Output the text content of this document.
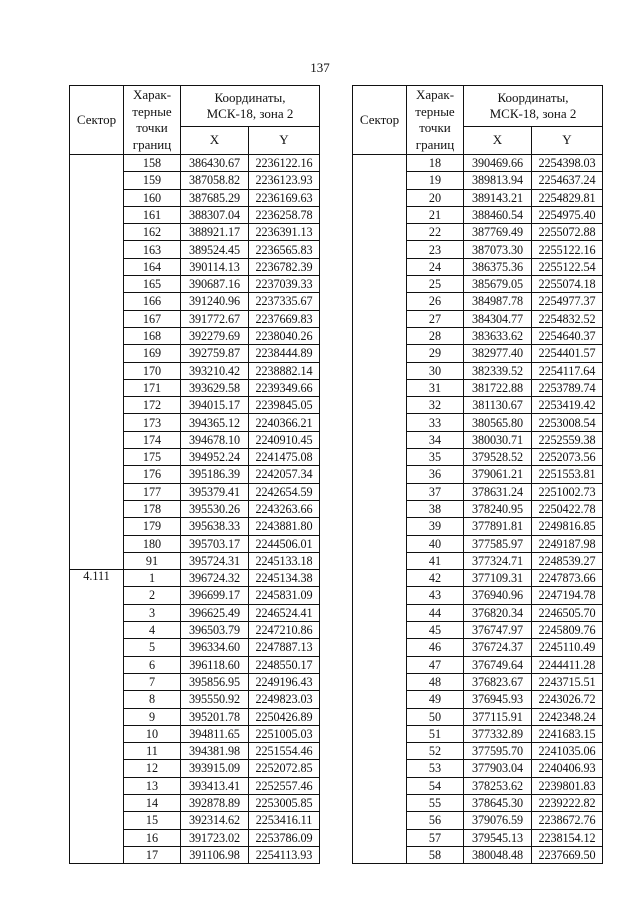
137
Сектор	Харак-
терные
точки
границ	Координаты,
МСК-18, зона 2	
		X	Y
	158	386430.67	2236122.16
	159	387058.82	2236123.93
	160	387685.29	2236169.63
	161	388307.04	2236258.78
	162	388921.17	2236391.13
	163	389524.45	2236565.83
	164	390114.13	2236782.39
	165	390687.16	2237039.33
	166	391240.96	2237335.67
	167	391772.67	2237669.83
	168	392279.69	2238040.26
	169	392759.87	2238444.89
	170	393210.42	2238882.14
	171	393629.58	2239349.66
	172	394015.17	2239845.05
	173	394365.12	2240366.21
	174	394678.10	2240910.45
	175	394952.24	2241475.08
	176	395186.39	2242057.34
	177	395379.41	2242654.59
	178	395530.26	2243263.66
	179	395638.33	2243881.80
	180	395703.17	2244506.01
	91	395724.31	2245133.18
4.111	1	396724.32	2245134.38
	2	396699.17	2245831.09
	3	396625.49	2246524.41
	4	396503.79	2247210.86
	5	396334.60	2247887.13
	6	396118.60	2248550.17
	7	395856.95	2249196.43
	8	395550.92	2249823.03
	9	395201.78	2250426.89
	10	394811.65	2251005.03
	11	394381.98	2251554.46
	12	393915.09	2252072.85
	13	393413.41	2252557.46
	14	392878.89	2253005.85
	15	392314.62	2253416.11
	16	391723.02	2253786.09
	17	391106.98	2254113.93
Сектор	Харак-
терные
точки
границ	Координаты,
МСК-18, зона 2	
		X	Y
	18	390469.66	2254398.03
	19	389813.94	2254637.24
	20	389143.21	2254829.81
	21	388460.54	2254975.40
	22	387769.49	2255072.88
	23	387073.30	2255122.16
	24	386375.36	2255122.54
	25	385679.05	2255074.18
	26	384987.78	2254977.37
	27	384304.77	2254832.52
	28	383633.62	2254640.37
	29	382977.40	2254401.57
	30	382339.52	2254117.64
	31	381722.88	2253789.74
	32	381130.67	2253419.42
	33	380565.80	2253008.54
	34	380030.71	2252559.38
	35	379528.52	2252073.56
	36	379061.21	2251553.81
	37	378631.24	2251002.73
	38	378240.95	2250422.78
	39	377891.81	2249816.85
	40	377585.97	2249187.98
	41	377324.71	2248539.27
	42	377109.31	2247873.66
	43	376940.96	2247194.78
	44	376820.34	2246505.70
	45	376747.97	2245809.76
	46	376724.37	2245110.49
	47	376749.64	2244411.28
	48	376823.67	2243715.51
	49	376945.93	2243026.72
	50	377115.91	2242348.24
	51	377332.89	2241683.15
	52	377595.70	2241035.06
	53	377903.04	2240406.93
	54	378253.62	2239801.83
	55	378645.30	2239222.82
	56	379076.59	2238672.76
	57	379545.13	2238154.12
	58	380048.48	2237669.50
